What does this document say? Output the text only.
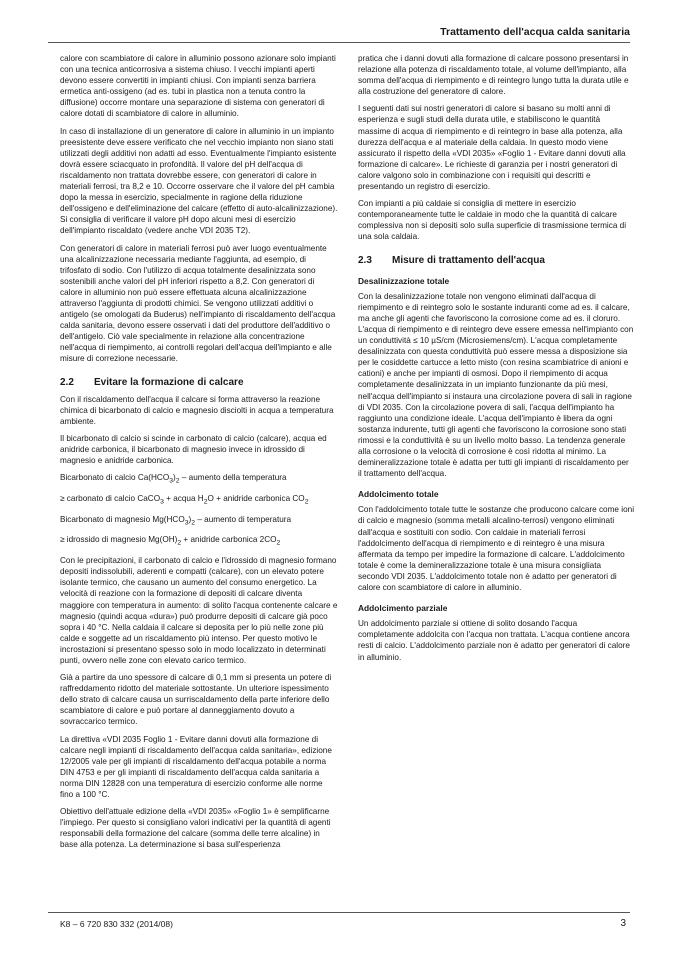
Trattamento dell'acqua calda sanitaria

calore con scambiatore di calore in alluminio possono azionare solo impianti con una tecnica anticorrosiva a sistema chiuso. I vecchi impianti aperti devono essere convertiti in impianti chiusi. Con impianti senza barriera ermetica anti-ossigeno (ad es. tubi in plastica non a tenuta contro la diffusione) occorre montare una separazione di sistema con generatori di calore dotati di scambiatore di calore in alluminio.

In caso di installazione di un generatore di calore in alluminio in un impianto preesistente deve essere verificato che nel vecchio impianto non siano stati utilizzati degli additivi non adatti ad esso. Eventualmente l'impianto esistente dovrà essere sciacquato in profondità. Il valore del pH dell'acqua di riscaldamento non trattata dovrebbe essere, con generatori di calore in materiali ferrosi, tra 8,2 e 10. Occorre osservare che il valore del pH cambia dopo la messa in esercizio, specialmente in ragione della riduzione dell'ossigeno e dell'eliminazione del calcare (effetto di auto-alcalinizzazione). Si consiglia di verificare il valore pH dopo alcuni mesi di esercizio dell'impianto riscaldato (vedere anche VDI 2035 T2).

Con generatori di calore in materiali ferrosi può aver luogo eventualmente una alcalinizzazione necessaria mediante l'aggiunta, ad esempio, di trifosfato di sodio. Con l'utilizzo di acqua totalmente desalinizzata sono sostenibili anche valori del pH inferiori rispetto a 8,2. Con generatori di calore in alluminio non può essere effettuata alcuna alcalinizzazione attraverso l'aggiunta di prodotti chimici. Se vengono utilizzati additivi o antigelo (se omologati da Buderus) nell'impianto di riscaldamento dell'acqua calda sanitaria, devono essere osservati i dati del produttore dell'additivo o dell'antigelo. Ciò vale specialmente in relazione alla concentrazione nell'acqua di riempimento, ai controlli regolari dell'acqua dell'impianto e alle misure di correzione necessarie.

2.2	Evitare la formazione di calcare

Con il riscaldamento dell'acqua il calcare si forma attraverso la reazione chimica di bicarbonato di calcio e magnesio disciolti in acqua a temperatura ambiente.

Il bicarbonato di calcio si scinde in carbonato di calcio (calcare), acqua ed anidride carbonica, il bicarbonato di magnesio invece in idrossido di magnesio e anidride carbonica.

Bicarbonato di calcio $Ca(HCO_3)_2$ – aumento della temperatura

≥ carbonato di calcio CaCO$_3$ + acqua $H_2O$ + anidride carbonica $CO_2$

Bicarbonato di magnesio $Mg(HCO_3)_2$ – aumento di temperatura

≥ idrossido di magnesio $Mg(OH)_2$ + anidride carbonica $2CO_2$

Con le precipitazioni, il carbonato di calcio e l'idrossido di magnesio formano depositi indissolubili, aderenti e compatti (calcare), con un elevato potere isolante termico, che causano un aumento del consumo energetico. La velocità di reazione con la formazione di depositi di calcare diventa maggiore con temperatura in aumento: di solito l'acqua contenente calcare e magnesio (quindi acqua «dura») può produrre depositi di calcare già poco sopra i 40 °C. Nella caldaia il calcare si deposita per lo più nelle zone più calde e soggette ad un riscaldamento più intenso. Per questo motivo le incrostazioni si presentano spesso solo in modo localizzato in determinati punti, ovvero nelle zone con elevato carico termico.

Già a partire da uno spessore di calcare di 0,1 mm si presenta un potere di raffreddamento ridotto del materiale sottostante. Un ulteriore ispessimento dello strato di calcare causa un surriscaldamento della parte inferiore dello scambiatore di calore e può portare al danneggiamento dovuto a sovraccarico termico.

La direttiva «VDI 2035 Foglio 1 - Evitare danni dovuti alla formazione di calcare negli impianti di riscaldamento dell'acqua calda sanitaria», edizione 12/2005 vale per gli impianti di riscaldamento dell'acqua potabile a norma DIN 4753 e per gli impianti di riscaldamento dell'acqua calda sanitaria a norma DIN 12828 con una temperatura di esercizio conforme alle norme fino a 100 °C.

Obiettivo dell'attuale edizione della «VDI 2035» «Foglio 1» è semplificarne l'impiego. Per questo si consigliano valori indicativi per la quantità di agenti responsabili della formazione del calcare (somma delle terre alcaline) in base alla potenza. La determinazione si basa sull'esperienza

pratica che i danni dovuti alla formazione di calcare possono presentarsi in relazione alla potenza di riscaldamento totale, al volume dell'impianto, alla somma dell'acqua di riempimento e di reintegro lungo tutta la durata utile e alla costruzione del generatore di calore.

I seguenti dati sui nostri generatori di calore si basano su molti anni di esperienza e sugli studi della durata utile, e stabiliscono le quantità massime di acqua di riempimento e di reintegro in base alla potenza, alla durezza dell'acqua e al materiale della caldaia. In questo modo viene assicurato il rispetto della «VDI 2035» «Foglio 1 - Evitare danni dovuti alla formazione di calcare». Le richieste di garanzia per i nostri generatori di calore valgono solo in combinazione con i requisiti qui descritti e presentando un registro di esercizio.

Con impianti a più caldaie si consiglia di mettere in esercizio contemporaneamente tutte le caldaie in modo che la quantità di calcare complessiva non si depositi solo sulla superficie di trasmissione termica di una sola caldaia.

2.3	Misure di trattamento dell'acqua
Desalinizzazione totale

Con la desalinizzazione totale non vengono eliminati dall'acqua di riempimento e di reintegro solo le sostante induranti come ad es. il calcare, ma anche gli agenti che favoriscono la corrosione come ad es. il cloruro. L'acqua di riempimento e di reintegro deve essere emessa nell'impianto con un conduttività ≤ 10 µS/cm (Microsiemens/cm). L'acqua completamente desalinizzata con questa conduttività può essere messa a disposizione sia per le cosiddette cartucce a letto misto (con resina scambiatrice di anioni e cationi) e anche per impianti di osmosi. Dopo il riempimento di acqua completamente desalinizzata in un impianto funzionante da più mesi, nell'acqua dell'impianto si instaura una circolazione povera di sali in ragione di VDI 2035. Con la circolazione povera di sali, l'acqua dell'impianto ha raggiunto una condizione ideale. L'acqua dell'impianto è libera da ogni sostanza indurente, tutti gli agenti che favoriscono la corrosione sono stati rimossi e la conduttività è su un livello molto basso. La tendenza generale alla corrosione o la velocità di corrosione è così ridotta al minimo. La demineralizzazione totale è adatta per tutti gli impianti di riscaldamento per il trattamento dell'acqua.

Addolcimento totale

Con l'addolcimento totale tutte le sostanze che producono calcare come ioni di calcio e magnesio (somma metalli alcalino-terrosi) vengono eliminati dall'acqua e sostituiti con sodio. Con caldaie in materiali ferrosi l'addolcimento dell'acqua di riempimento e di reintegro è una misura affermata da tempo per impedire la formazione di calcare. L'addolcimento totale è come la demineralizzazione totale è una misura consigliata secondo VDI 2035. L'addolcimento totale non è adatto per generatori di calore con scambiatore di calore in alluminio.

Addolcimento parziale

Un addolcimento parziale si ottiene di solito dosando l'acqua completamente addolcita con l'acqua non trattata. L'acqua contiene ancora resti di calcio. L'addolcimento parziale non è adatto per generatori di calore in alluminio.

K8 – 6 720 830 332 (2014/08)	3
